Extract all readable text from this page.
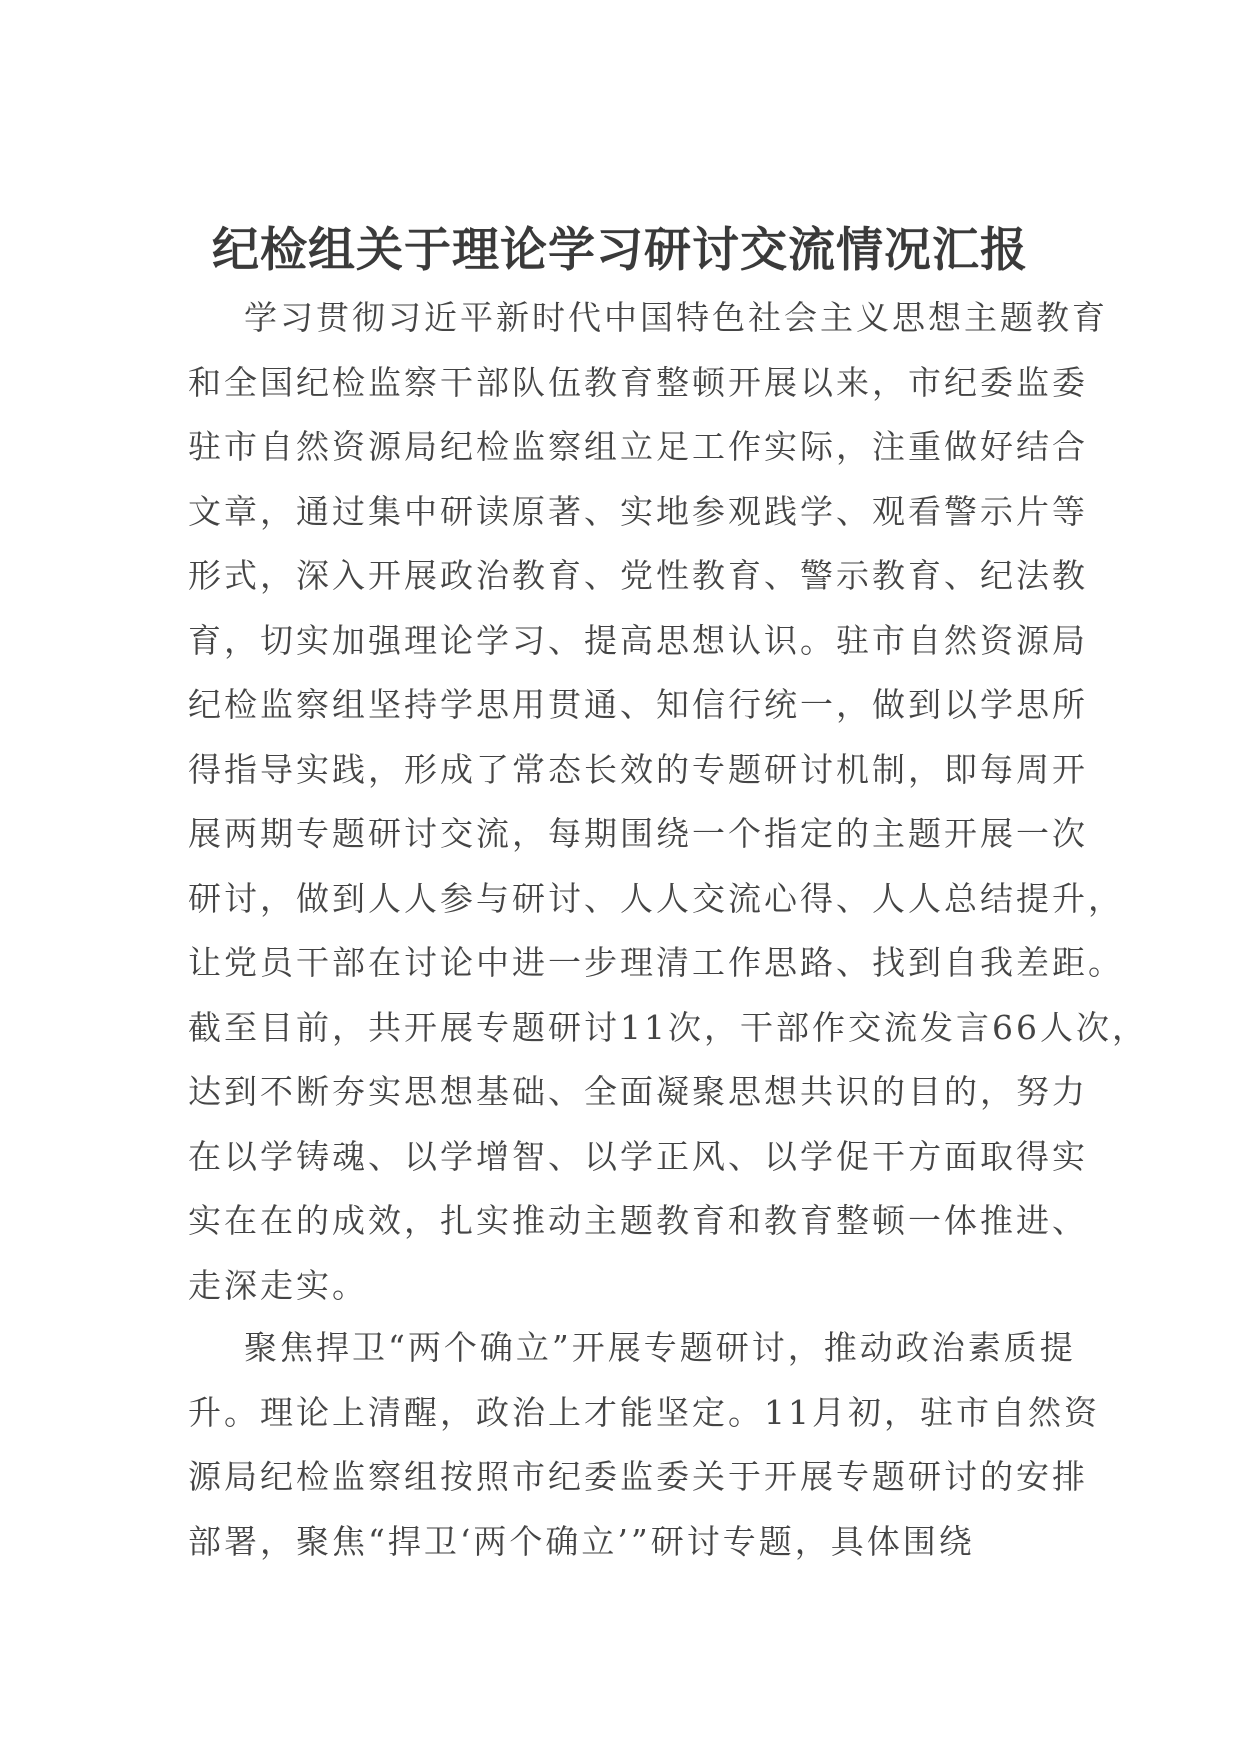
纪检组关于理论学习研讨交流情况汇报
学习贯彻习近平新时代中国特色社会主义思想主题教育
和全国纪检监察干部队伍教育整顿开展以来，市纪委监委
驻市自然资源局纪检监察组立足工作实际，注重做好结合
文章，通过集中研读原著、实地参观践学、观看警示片等
形式，深入开展政治教育、党性教育、警示教育、纪法教
育，切实加强理论学习、提高思想认识。驻市自然资源局
纪检监察组坚持学思用贯通、知信行统一，做到以学思所
得指导实践，形成了常态长效的专题研讨机制，即每周开
展两期专题研讨交流，每期围绕一个指定的主题开展一次
研讨，做到人人参与研讨、人人交流心得、人人总结提升，
让党员干部在讨论中进一步理清工作思路、找到自我差距。
截至目前，共开展专题研讨11次，干部作交流发言66人次，
达到不断夯实思想基础、全面凝聚思想共识的目的，努力
在以学铸魂、以学增智、以学正风、以学促干方面取得实
实在在的成效，扎实推动主题教育和教育整顿一体推进、
走深走实。
聚焦捍卫“两个确立”开展专题研讨，推动政治素质提
升。理论上清醒，政治上才能坚定。11月初，驻市自然资
源局纪检监察组按照市纪委监委关于开展专题研讨的安排
部署，聚焦“捍卫‘两个确立’”研讨专题，具体围绕
